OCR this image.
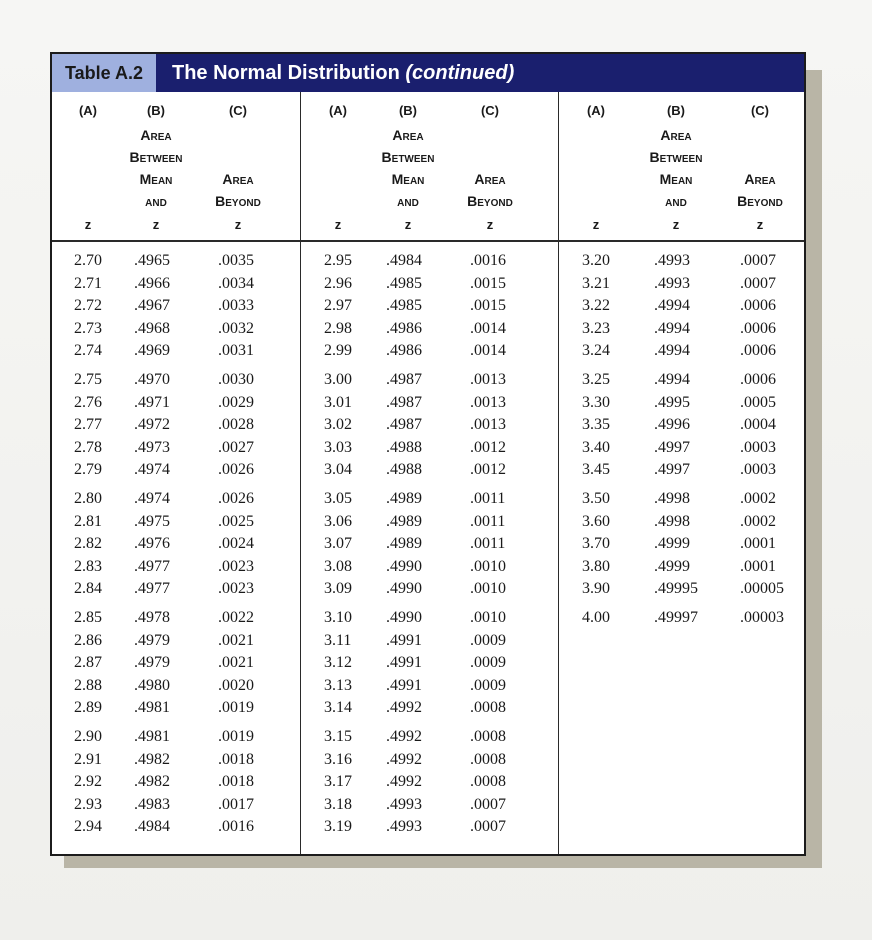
Table A.2	The Normal Distribution (continued)
(A)	(B)	(C)
Area
Between
Mean
and
Area
Beyond
z	z	z
2.70 .4965	.0035
2.71 .4966	.0034
2.72 .4967	.0033
2.73 .4968	.0032
2.74 .4969	.0031
2.75 .4970	.0030
2.76 .4971	.0029
2.77 .4972	.0028
2.78 .4973	.0027
2.79 .4974	.0026
2.80 .4974	.0026
2.81 .4975	.0025
2.82 .4976	.0024
2.83 .4977	.0023
2.84 .4977	.0023
2.85 .4978	.0022
2.86 .4979	.0021
2.87 .4979	.0021
2.88 .4980	.0020
2.89 .4981	.0019
2.90 .4981	.0019
2.91 .4982	.0018
2.92 .4982	.0018
2.93 .4983	.0017
2.94 .4984	.0016
(A)	(B)	(C)
Area
Between
Mean
and
Area
Beyond
z	z	z
2.95 .4984	.0016
2.96 .4985	.0015
2.97 .4985	.0015
2.98 .4986	.0014
2.99 .4986	.0014
3.00 .4987	.0013
3.01 .4987	.0013
3.02 .4987	.0013
3.03 .4988	.0012
3.04 .4988	.0012
3.05 .4989	.0011
3.06 .4989	.0011
3.07 .4989	.0011
3.08 .4990	.0010
3.09 .4990	.0010
3.10 .4990	.0010
3.11 .4991	.0009
3.12 .4991	.0009
3.13 .4991	.0009
3.14 .4992	.0008
3.15 .4992	.0008
3.16 .4992	.0008
3.17 .4992	.0008
3.18 .4993	.0007
3.19 .4993	.0007
(A)	(B)	(C)
Area
Between
Mean
and
Area
Beyond
z	z	z
3.20	.4993	.0007
3.21	.4993	.0007
3.22	.4994	.0006
3.23	.4994	.0006
3.24	.4994	.0006
3.25	.4994	.0006
3.30	.4995	.0005
3.35	.4996	.0004
3.40	.4997	.0003
3.45	.4997	.0003
3.50	.4998	.0002
3.60	.4998	.0002
3.70	.4999	.0001
3.80	.4999	.0001
3.90	.49995	.00005
4.00	.49997	.00003
